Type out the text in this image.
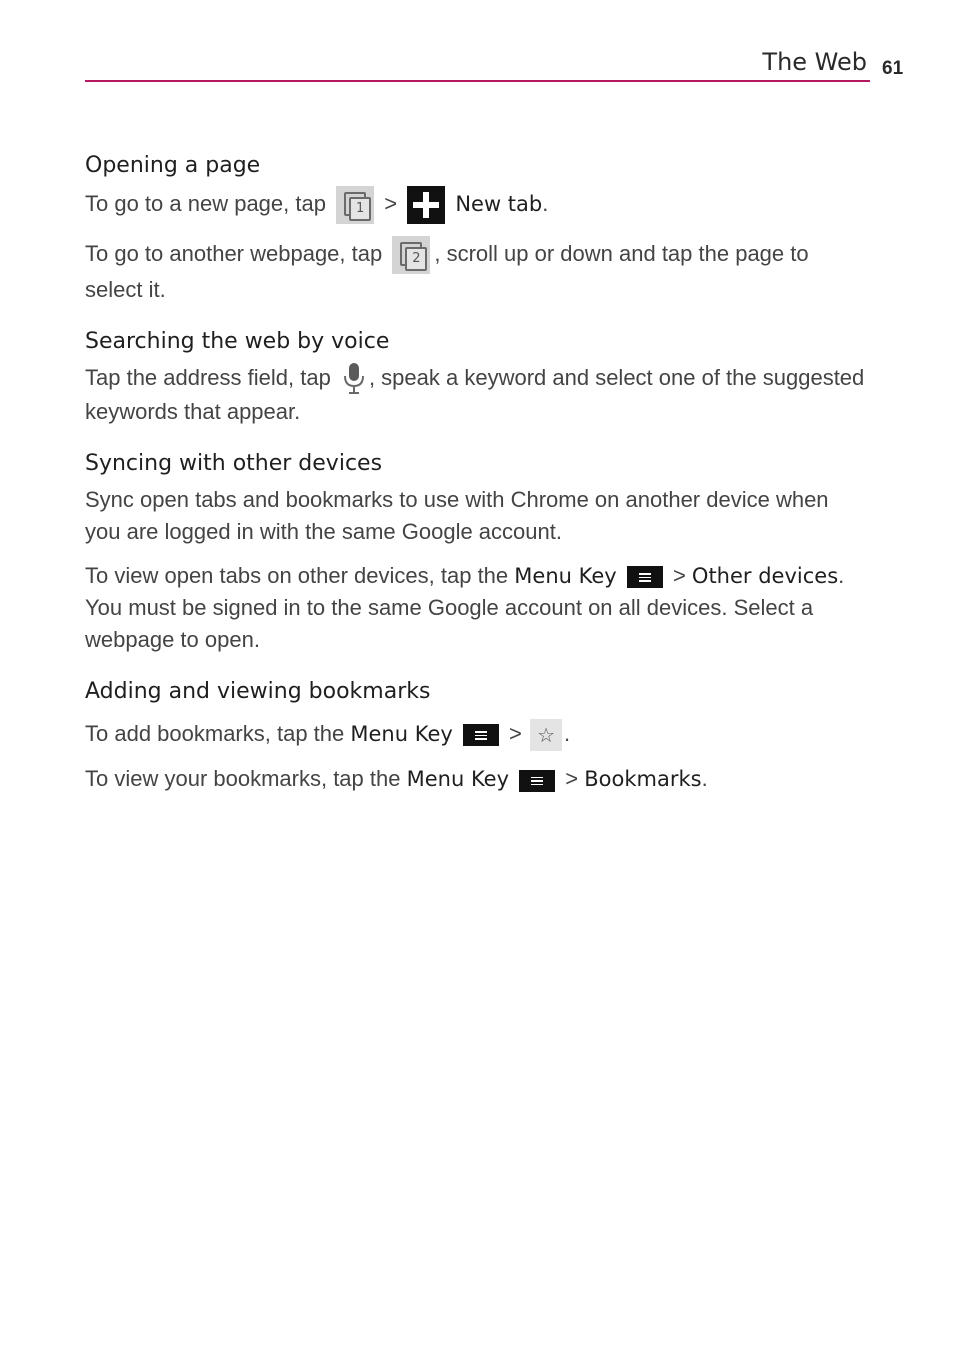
The Web 61
Opening a page

To go to a new page, tap	1 >	New tab.

To go to another webpage, tap	2 , scroll up or down and tap the page to select it.

Searching the web by voice

Tap the address field, tap , speak a keyword and select one of the suggested keywords that appear.

Syncing with other devices

Sync open tabs and bookmarks to use with Chrome on another device when you are logged in with the same Google account.

To view open tabs on other devices, tap the Menu Key	> Other devices. You must be signed in to the same Google account on all devices. Select a webpage to open.

Adding and viewing bookmarks

To add bookmarks, tap the Menu Key	> ☆ .

To view your bookmarks, tap the Menu Key	> Bookmarks.
